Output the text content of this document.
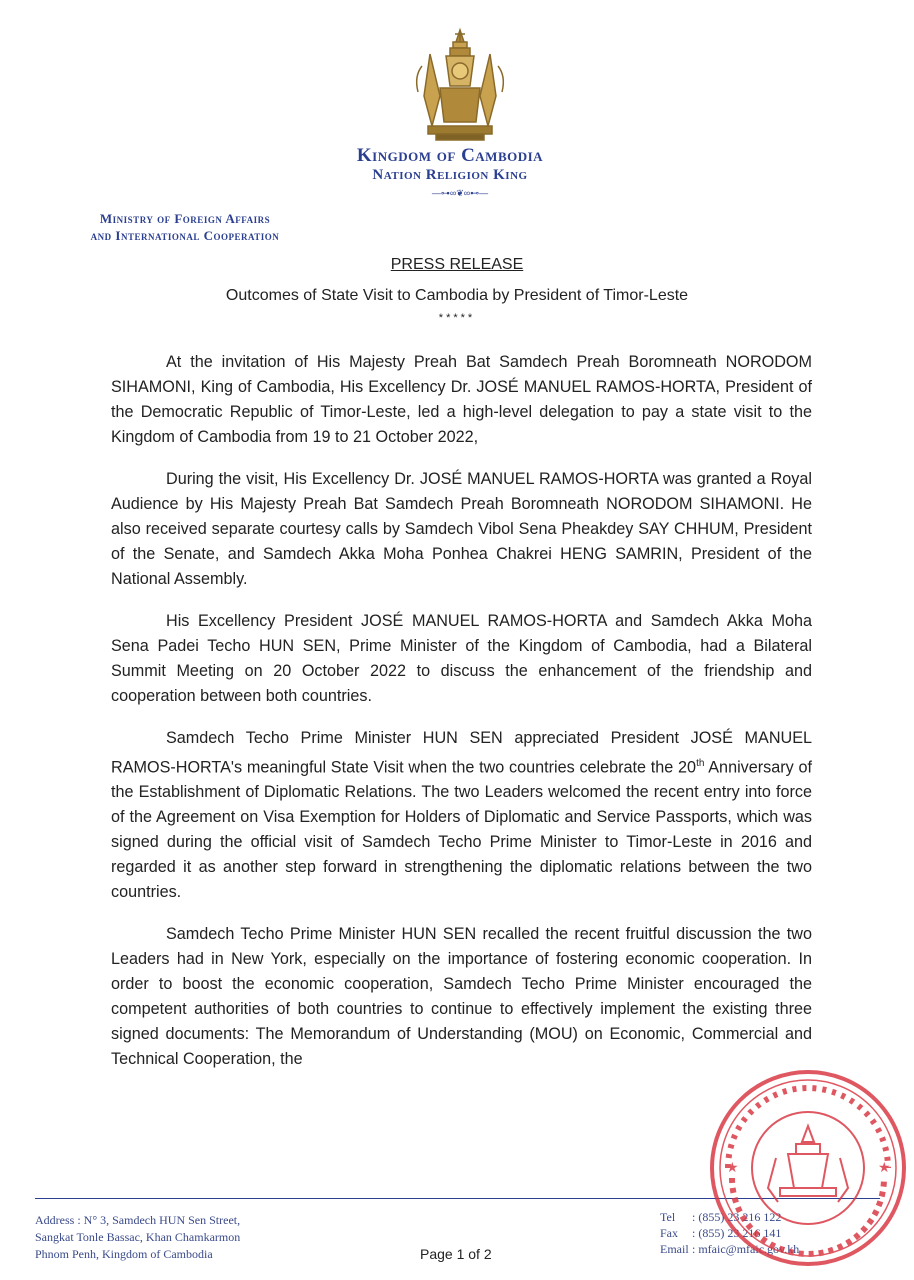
Kingdom of Cambodia
Nation Religion King
—⊶∞❦∞⊷—
Ministry of Foreign Affairs
and International Cooperation
PRESS RELEASE
Outcomes of State Visit to Cambodia by President of Timor-Leste
*****

At the invitation of His Majesty Preah Bat Samdech Preah Boromneath NORODOM SIHAMONI, King of Cambodia, His Excellency Dr. JOSÉ MANUEL RAMOS-HORTA, President of the Democratic Republic of Timor-Leste, led a high-level delegation to pay a state visit to the Kingdom of Cambodia from 19 to 21 October 2022,

During the visit, His Excellency Dr. JOSÉ MANUEL RAMOS-HORTA was granted a Royal Audience by His Majesty Preah Bat Samdech Preah Boromneath NORODOM SIHAMONI. He also received separate courtesy calls by Samdech Vibol Sena Pheakdey SAY CHHUM, President of the Senate, and Samdech Akka Moha Ponhea Chakrei HENG SAMRIN, President of the National Assembly.

His Excellency President JOSÉ MANUEL RAMOS-HORTA and Samdech Akka Moha Sena Padei Techo HUN SEN, Prime Minister of the Kingdom of Cambodia, had a Bilateral Summit Meeting on 20 October 2022 to discuss the enhancement of the friendship and cooperation between both countries.

Samdech Techo Prime Minister HUN SEN appreciated President JOSÉ MANUEL RAMOS-HORTA's meaningful State Visit when the two countries celebrate the 20th Anniversary of the Establishment of Diplomatic Relations. The two Leaders welcomed the recent entry into force of the Agreement on Visa Exemption for Holders of Diplomatic and Service Passports, which was signed during the official visit of Samdech Techo Prime Minister to Timor-Leste in 2016 and regarded it as another step forward in strengthening the diplomatic relations between the two countries.

Samdech Techo Prime Minister HUN SEN recalled the recent fruitful discussion the two Leaders had in New York, especially on the importance of fostering economic cooperation. In order to boost the economic cooperation, Samdech Techo Prime Minister encouraged the competent authorities of both countries to continue to effectively implement the existing three signed documents: The Memorandum of Understanding (MOU) on Economic, Commercial and Technical Cooperation, the

Address : N° 3, Samdech HUN Sen Street,
Sangkat Tonle Bassac, Khan Chamkarmon
Phnom Penh, Kingdom of Cambodia
Tel : (855) 23 216 122
Fax : (855) 23 216 141
Email : mfaic@mfaic.gov.kh
Page 1 of 2
★	★
